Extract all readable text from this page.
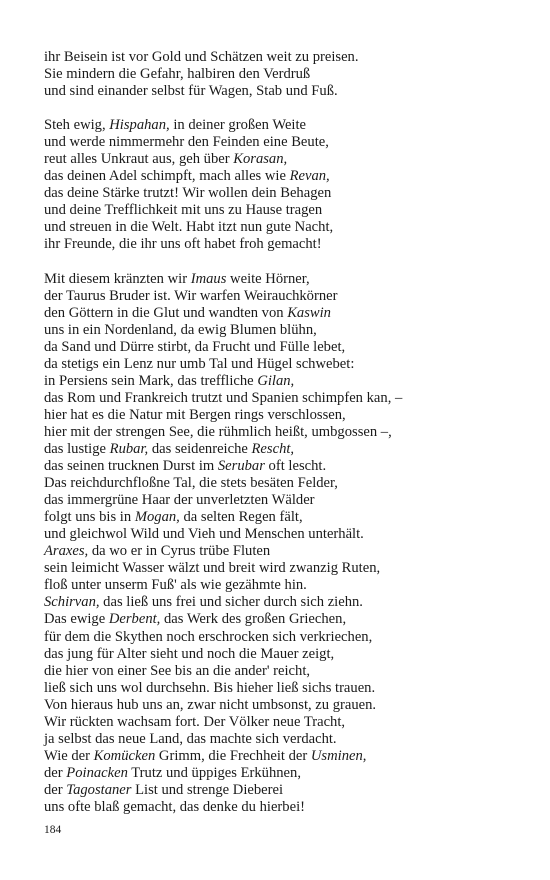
ihr Beisein ist vor Gold und Schätzen weit zu preisen.
Sie mindern die Gefahr, halbiren den Verdruß
und sind einander selbst für Wagen, Stab und Fuß.
Steh ewig, Hispahan, in deiner großen Weite
und werde nimmermehr den Feinden eine Beute,
reut alles Unkraut aus, geh über Korasan,
das deinen Adel schimpft, mach alles wie Revan,
das deine Stärke trutzt! Wir wollen dein Behagen
und deine Trefflichkeit mit uns zu Hause tragen
und streuen in die Welt. Habt itzt nun gute Nacht,
ihr Freunde, die ihr uns oft habet froh gemacht!
Mit diesem kränzten wir Imaus weite Hörner,
der Taurus Bruder ist. Wir warfen Weirauchkörner
den Göttern in die Glut und wandten von Kaswin
uns in ein Nordenland, da ewig Blumen blühn,
da Sand und Dürre stirbt, da Frucht und Fülle lebet,
da stetigs ein Lenz nur umb Tal und Hügel schwebet:
in Persiens sein Mark, das treffliche Gilan,
das Rom und Frankreich trutzt und Spanien schimpfen kan, –
hier hat es die Natur mit Bergen rings verschlossen,
hier mit der strengen See, die rühmlich heißt, umbgossen –,
das lustige Rubar, das seidenreiche Rescht,
das seinen trucknen Durst im Serubar oft lescht.
Das reichdurchfloßne Tal, die stets besäten Felder,
das immergrüne Haar der unverletzten Wälder
folgt uns bis in Mogan, da selten Regen fält,
und gleichwol Wild und Vieh und Menschen unterhält.
Araxes, da wo er in Cyrus trübe Fluten
sein leimicht Wasser wälzt und breit wird zwanzig Ruten,
floß unter unserm Fuß' als wie gezähmte hin.
Schirvan, das ließ uns frei und sicher durch sich ziehn.
Das ewige Derbent, das Werk des großen Griechen,
für dem die Skythen noch erschrocken sich verkriechen,
das jung für Alter sieht und noch die Mauer zeigt,
die hier von einer See bis an die ander' reicht,
ließ sich uns wol durchsehn. Bis hieher ließ sichs trauen.
Von hieraus hub uns an, zwar nicht umbsonst, zu grauen.
Wir rückten wachsam fort. Der Völker neue Tracht,
ja selbst das neue Land, das machte sich verdacht.
Wie der Komücken Grimm, die Frechheit der Usminen,
der Poinacken Trutz und üppiges Erkühnen,
der Tagostaner List und strenge Dieberei
uns ofte blaß gemacht, das denke du hierbei!
184
